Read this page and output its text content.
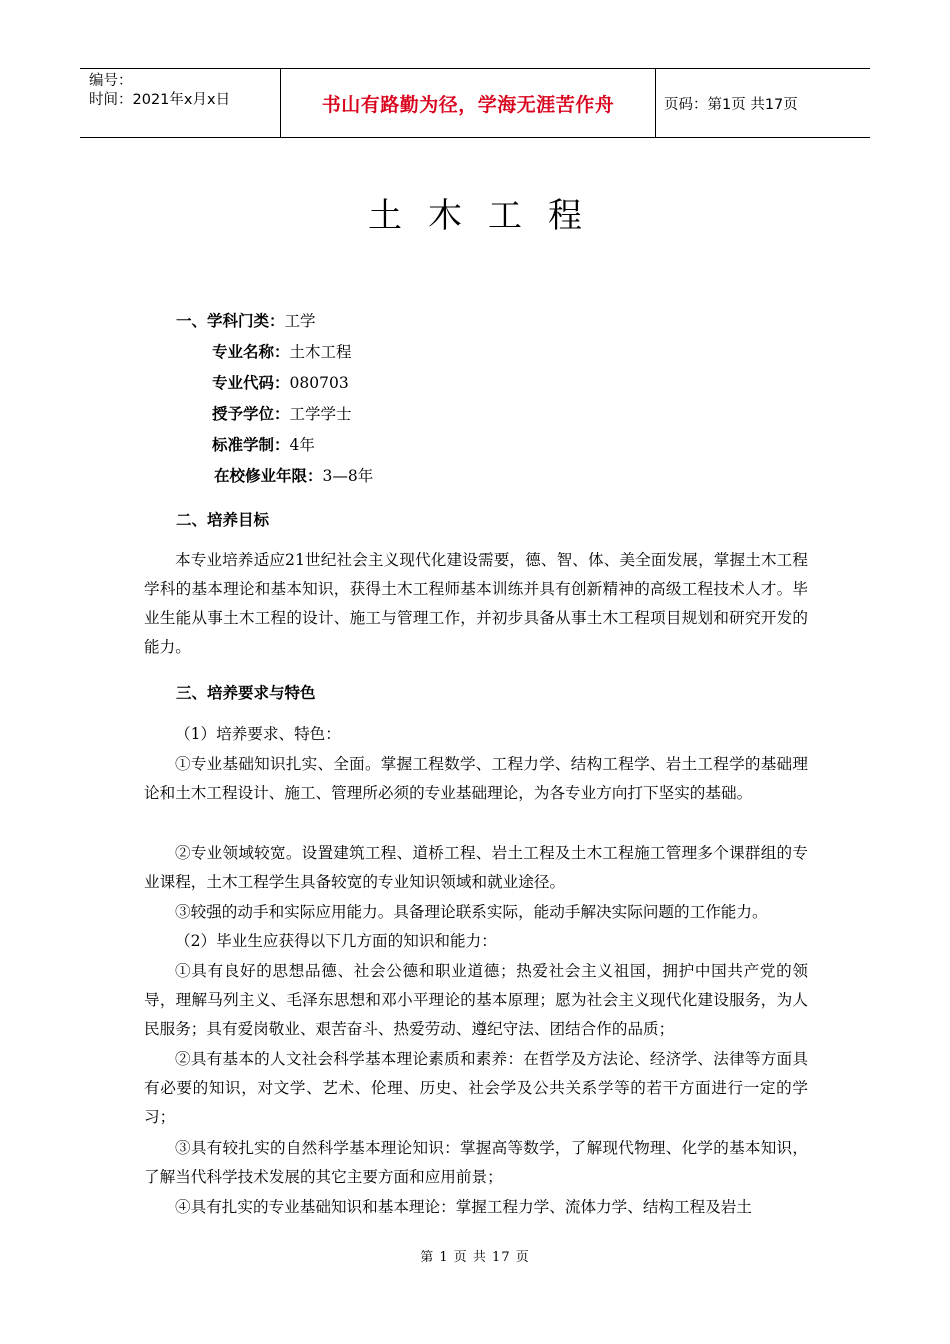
编号：
时间：2021年x月x日	书山有路勤为径，学海无涯苦作舟	页码：第1页 共17页
土木工程
一、学科门类：工学
专业名称：土木工程
专业代码：080703
授予学位：工学学士
标准学制：4年
在校修业年限：3—8年
二、培养目标
本专业培养适应21世纪社会主义现代化建设需要，德、智、体、美全面发展，掌握土木工程学科的基本理论和基本知识，获得土木工程师基本训练并具有创新精神的高级工程技术人才。毕业生能从事土木工程的设计、施工与管理工作，并初步具备从事土木工程项目规划和研究开发的能力。
三、培养要求与特色
（1）培养要求、特色：
①专业基础知识扎实、全面。掌握工程数学、工程力学、结构工程学、岩土工程学的基础理论和土木工程设计、施工、管理所必须的专业基础理论，为各专业方向打下坚实的基础。
②专业领域较宽。设置建筑工程、道桥工程、岩土工程及土木工程施工管理多个课群组的专业课程，土木工程学生具备较宽的专业知识领域和就业途径。
③较强的动手和实际应用能力。具备理论联系实际，能动手解决实际问题的工作能力。
（2）毕业生应获得以下几方面的知识和能力：
①具有良好的思想品德、社会公德和职业道德；热爱社会主义祖国，拥护中国共产党的领导，理解马列主义、毛泽东思想和邓小平理论的基本原理；愿为社会主义现代化建设服务，为人民服务；具有爱岗敬业、艰苦奋斗、热爱劳动、遵纪守法、团结合作的品质；
②具有基本的人文社会科学基本理论素质和素养：在哲学及方法论、经济学、法律等方面具有必要的知识，对文学、艺术、伦理、历史、社会学及公共关系学等的若干方面进行一定的学习；
③具有较扎实的自然科学基本理论知识：掌握高等数学，了解现代物理、化学的基本知识，了解当代科学技术发展的其它主要方面和应用前景；
④具有扎实的专业基础知识和基本理论：掌握工程力学、流体力学、结构工程及岩土
第 1 页 共 17 页
